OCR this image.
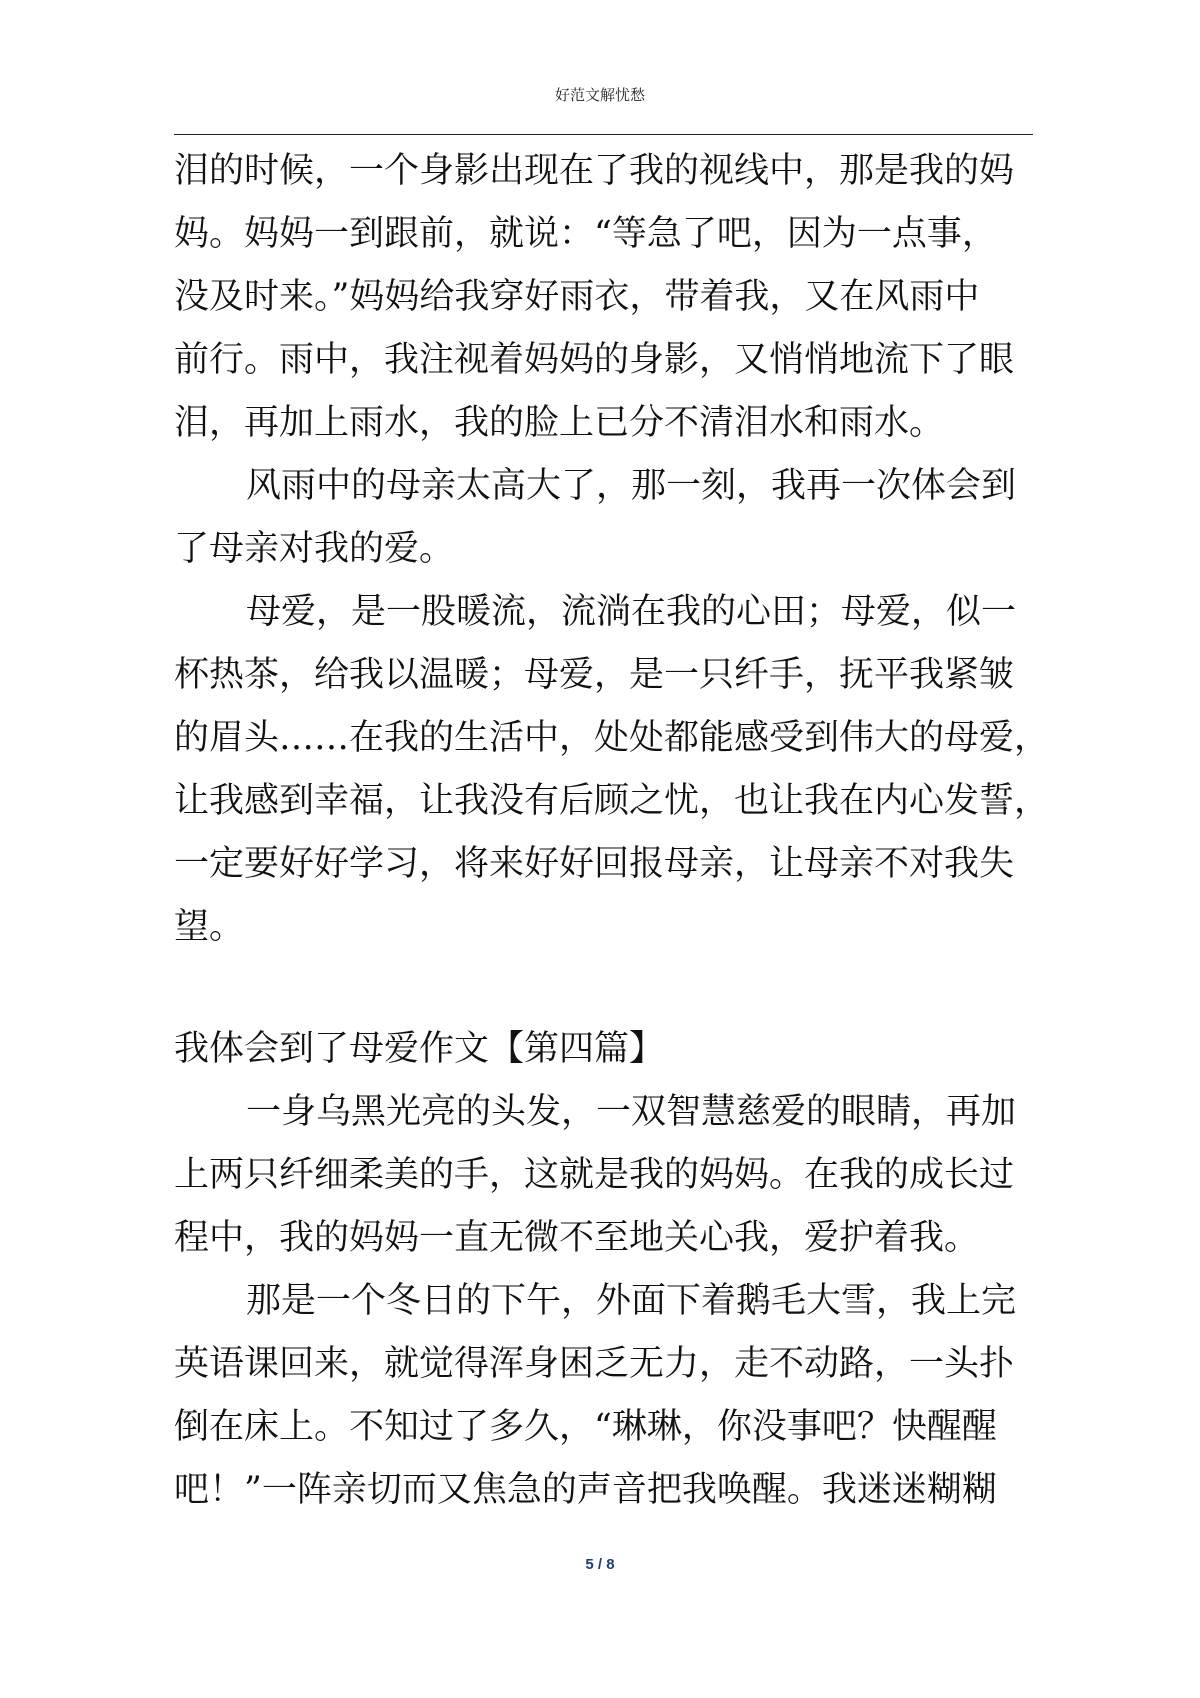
好范文解忧愁
泪的时候，一个身影出现在了我的视线中，那是我的妈
妈。妈妈一到跟前，就说：“等急了吧，因为一点事，
没及时来。”妈妈给我穿好雨衣，带着我，又在风雨中
前行。雨中，我注视着妈妈的身影，又悄悄地流下了眼
泪，再加上雨水，我的脸上已分不清泪水和雨水。
风雨中的母亲太高大了，那一刻，我再一次体会到
了母亲对我的爱。
母爱，是一股暖流，流淌在我的心田；母爱，似一
杯热茶，给我以温暖；母爱，是一只纤手，抚平我紧皱
的眉头……在我的生活中，处处都能感受到伟大的母爱，
让我感到幸福，让我没有后顾之忧，也让我在内心发誓，
一定要好好学习，将来好好回报母亲，让母亲不对我失
望。
我体会到了母爱作文【第四篇】
一身乌黑光亮的头发，一双智慧慈爱的眼睛，再加
上两只纤细柔美的手，这就是我的妈妈。在我的成长过
程中，我的妈妈一直无微不至地关心我，爱护着我。
那是一个冬日的下午，外面下着鹅毛大雪，我上完
英语课回来，就觉得浑身困乏无力，走不动路，一头扑
倒在床上。不知过了多久，“琳琳，你没事吧？快醒醒
吧！”一阵亲切而又焦急的声音把我唤醒。我迷迷糊糊
5 / 8
